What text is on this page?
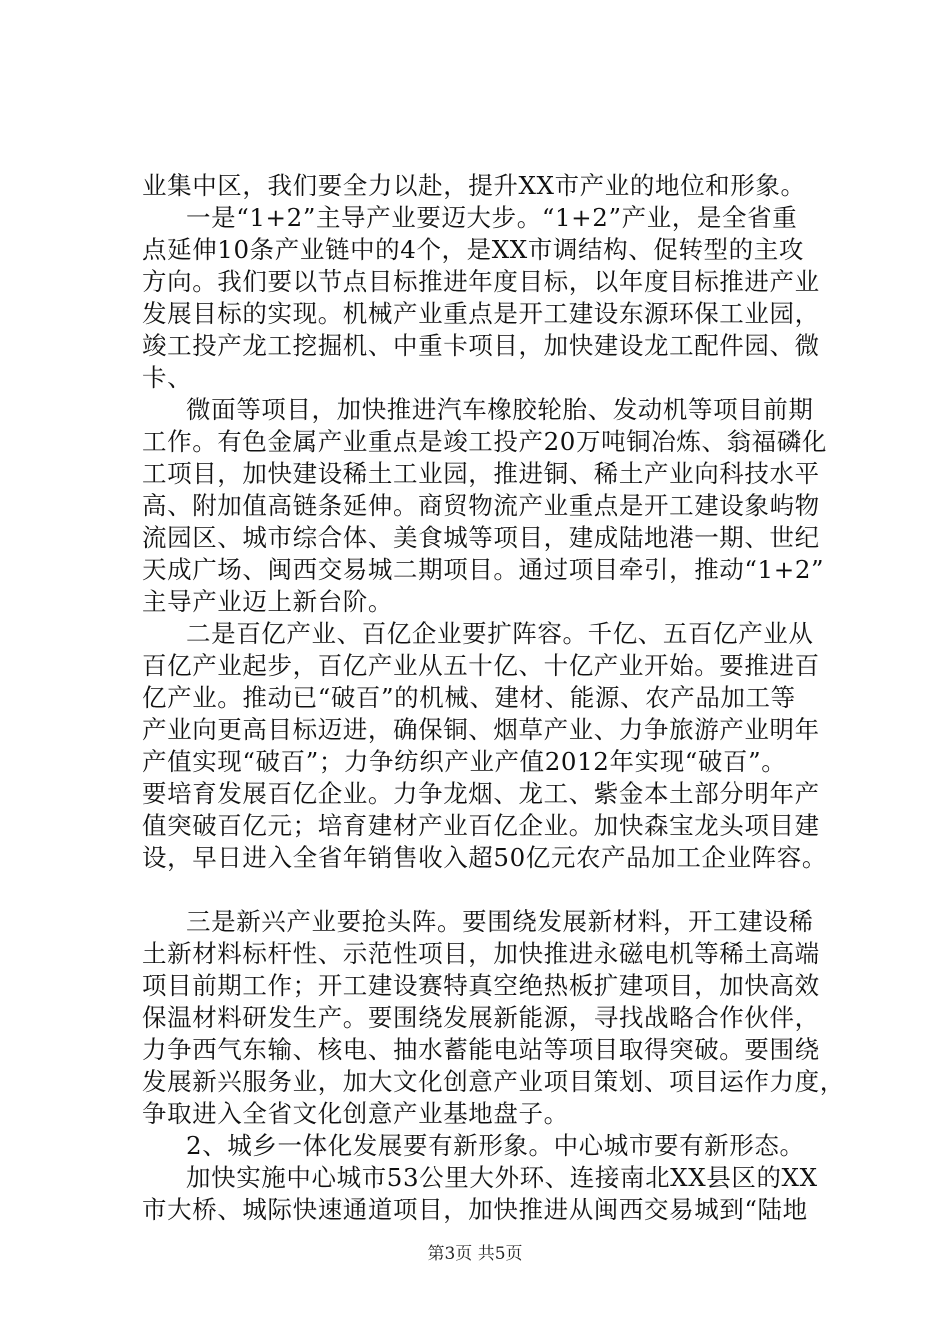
业集中区，我们要全力以赴，提升XX市产业的地位和形象。
一是“1+2”主导产业要迈大步。“1+2”产业，是全省重
点延伸10条产业链中的4个，是XX市调结构、促转型的主攻
方向。我们要以节点目标推进年度目标，以年度目标推进产业
发展目标的实现。机械产业重点是开工建设东源环保工业园，
竣工投产龙工挖掘机、中重卡项目，加快建设龙工配件园、微
卡、
微面等项目，加快推进汽车橡胶轮胎、发动机等项目前期
工作。有色金属产业重点是竣工投产20万吨铜冶炼、翁福磷化
工项目，加快建设稀土工业园，推进铜、稀土产业向科技水平
高、附加值高链条延伸。商贸物流产业重点是开工建设象屿物
流园区、城市综合体、美食城等项目，建成陆地港一期、世纪
天成广场、闽西交易城二期项目。通过项目牵引，推动“1+2”
主导产业迈上新台阶。
二是百亿产业、百亿企业要扩阵容。千亿、五百亿产业从
百亿产业起步，百亿产业从五十亿、十亿产业开始。要推进百
亿产业。推动已“破百”的机械、建材、能源、农产品加工等
产业向更高目标迈进，确保铜、烟草产业、力争旅游产业明年
产值实现“破百”；力争纺织产业产值2012年实现“破百”。
要培育发展百亿企业。力争龙烟、龙工、紫金本土部分明年产
值突破百亿元；培育建材产业百亿企业。加快森宝龙头项目建
设，早日进入全省年销售收入超50亿元农产品加工企业阵容。
三是新兴产业要抢头阵。要围绕发展新材料，开工建设稀
土新材料标杆性、示范性项目，加快推进永磁电机等稀土高端
项目前期工作；开工建设赛特真空绝热板扩建项目，加快高效
保温材料研发生产。要围绕发展新能源，寻找战略合作伙伴，
力争西气东输、核电、抽水蓄能电站等项目取得突破。要围绕
发展新兴服务业，加大文化创意产业项目策划、项目运作力度，
争取进入全省文化创意产业基地盘子。
2、城乡一体化发展要有新形象。中心城市要有新形态。
加快实施中心城市53公里大外环、连接南北XX县区的XX
市大桥、城际快速通道项目，加快推进从闽西交易城到“陆地
第3页 共5页
